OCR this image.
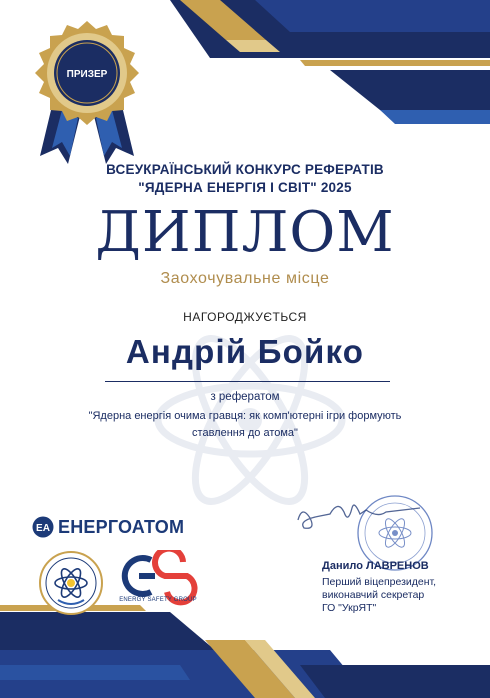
ПРИЗЕР
ВСЕУКРАЇНСЬКИЙ КОНКУРС РЕФЕРАТІВ
"ЯДЕРНА ЕНЕРГІЯ І СВІТ" 2025
ДИПЛОМ
Заохочувальне місце
НАГОРОДЖУЄТЬСЯ
Андрій Бойко
з рефератом
"Ядерна енергія очима гравця: як комп'ютерні ігри формують ставлення до атома"
EA ЕНЕРГОАТОМ
ENERGY SAFETY GROUP
Данило ЛАВРЕНОВ
Перший віцепрезидент,
виконавчий секретар
ГО "УкрЯТ"
